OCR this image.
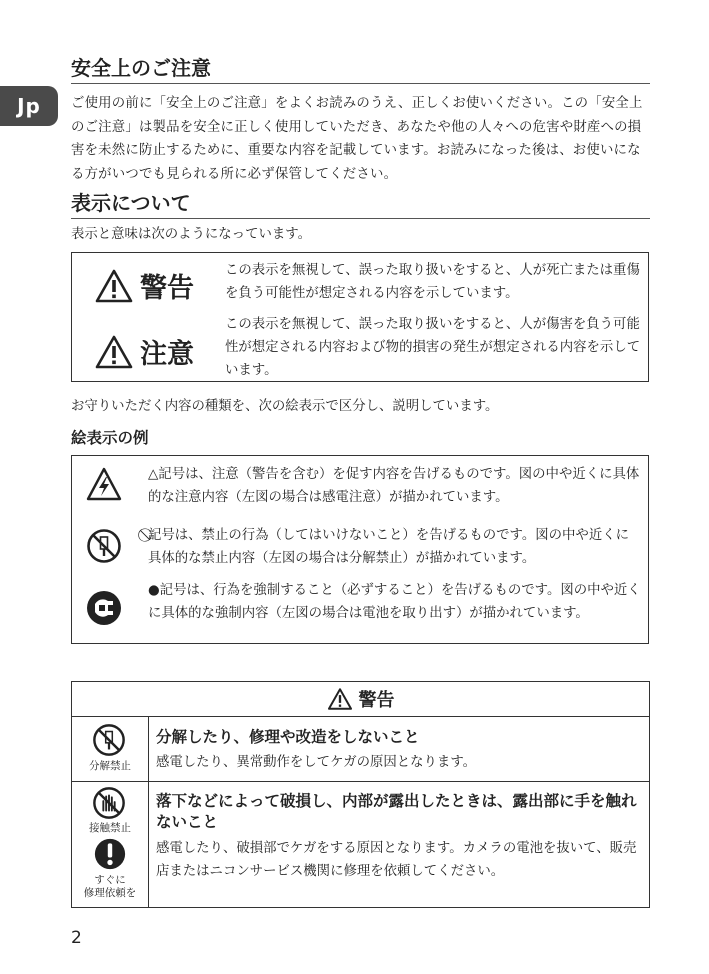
Jp
安全上のご注意
ご使用の前に「安全上のご注意」をよくお読みのうえ、正しくお使いください。この「安全上のご注意」は製品を安全に正しく使用していただき、あなたや他の人々への危害や財産への損害を未然に防止するために、重要な内容を記載しています。お読みになった後は、お使いになる方がいつでも見られる所に必ず保管してください。
表示について
表示と意味は次のようになっています。
警告
この表示を無視して、誤った取り扱いをすると、人が死亡または重傷を負う可能性が想定される内容を示しています。
注意
この表示を無視して、誤った取り扱いをすると、人が傷害を負う可能性が想定される内容および物的損害の発生が想定される内容を示しています。
お守りいただく内容の種類を、次の絵表示で区分し、説明しています。
絵表示の例
△記号は、注意（警告を含む）を促す内容を告げるものです。図の中や近くに具体的な注意内容（左図の場合は感電注意）が描かれています。
⃠記号は、禁止の行為（してはいけないこと）を告げるものです。図の中や近くに具体的な禁止内容（左図の場合は分解禁止）が描かれています。
●記号は、行為を強制すること（必ずすること）を告げるものです。図の中や近くに具体的な強制内容（左図の場合は電池を取り出す）が描かれています。
警告
分解禁止
分解したり、修理や改造をしないこと
感電したり、異常動作をしてケガの原因となります。
接触禁止
すぐに
修理依頼を
落下などによって破損し、内部が露出したときは、露出部に手を触れないこと
感電したり、破損部でケガをする原因となります。カメラの電池を抜いて、販売店またはニコンサービス機関に修理を依頼してください。
2
